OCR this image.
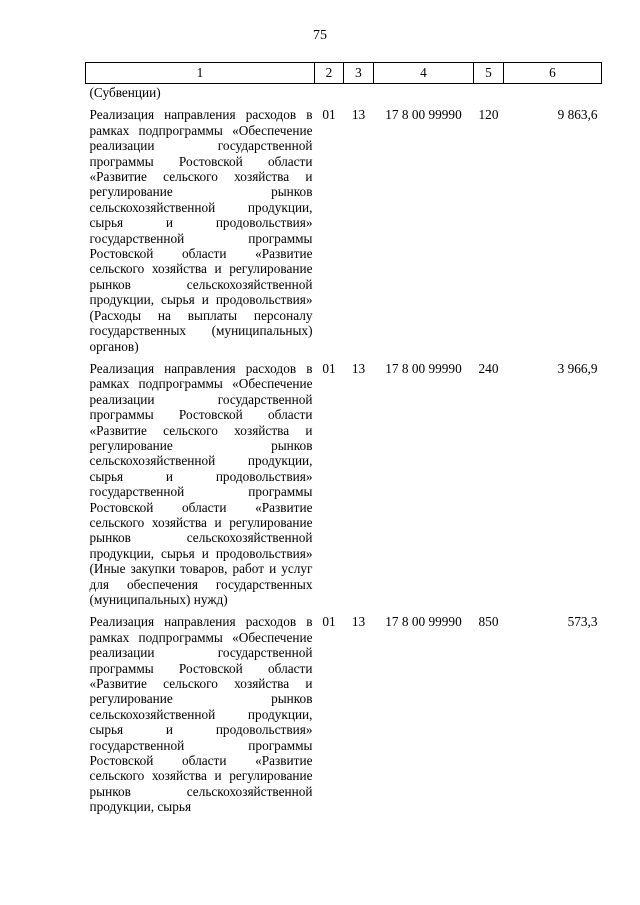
75
1	2	3	4	5	6
(Субвенции)					

Реализация направления расходов в рамках подпрограммы «Обеспечение реализации государственной программы Ростовской области «Развитие сельского хозяйства и регулирование рынков сельскохозяйственной продукции, сырья и продовольствия» государственной программы Ростовской области «Развитие сельского хозяйства и регулирование рынков сельскохозяйственной продукции, сырья и продовольствия» (Расходы на выплаты персоналу государственных (муниципальных) органов)	01	13	17 8 00 99990	120	9 863,6

Реализация направления расходов в рамках подпрограммы «Обеспечение реализации государственной программы Ростовской области «Развитие сельского хозяйства и регулирование рынков сельскохозяйственной продукции, сырья и продовольствия» государственной программы Ростовской области «Развитие сельского хозяйства и регулирование рынков сельскохозяйственной продукции, сырья и продовольствия» (Иные закупки товаров, работ и услуг для обеспечения государственных (муниципальных) нужд)	01	13	17 8 00 99990	240	3 966,9

Реализация направления расходов в рамках подпрограммы «Обеспечение реализации государственной программы Ростовской области «Развитие сельского хозяйства и регулирование рынков сельскохозяйственной продукции, сырья и продовольствия» государственной программы Ростовской области «Развитие сельского хозяйства и регулирование рынков сельскохозяйственной продукции, сырья	01	13	17 8 00 99990	850	573,3
